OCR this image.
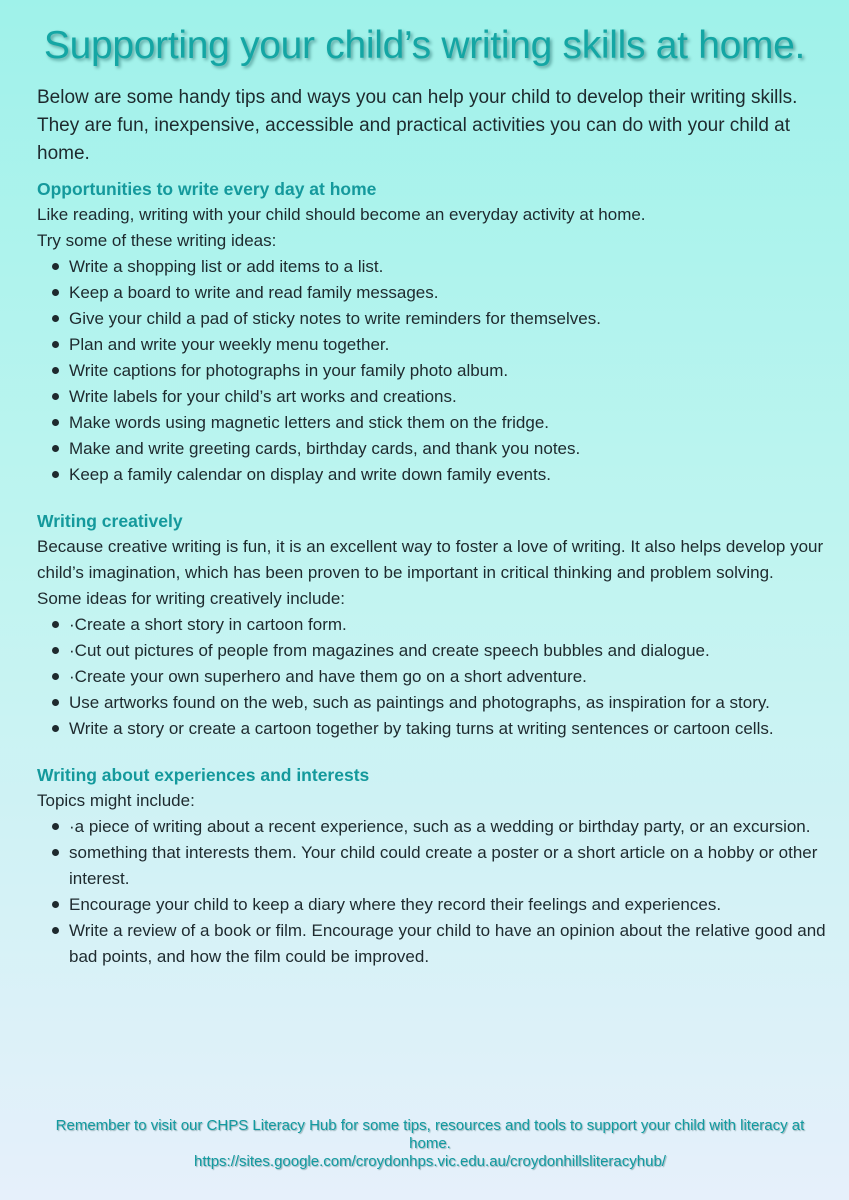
Supporting your child’s writing skills at home.

Below are some handy tips and ways you can help your child to develop their writing skills. They are fun, inexpensive, accessible and practical activities you can do with your child at home.

Opportunities to write every day at home

Like reading, writing with your child should become an everyday activity at home.

Try some of these writing ideas:

Write a shopping list or add items to a list.
Keep a board to write and read family messages.
Give your child a pad of sticky notes to write reminders for themselves.
Plan and write your weekly menu together.
Write captions for photographs in your family photo album.
Write labels for your child’s art works and creations.
Make words using magnetic letters and stick them on the fridge.
Make and write greeting cards, birthday cards, and thank you notes.
Keep a family calendar on display and write down family events.
Writing creatively

Because creative writing is fun, it is an excellent way to foster a love of writing. It also helps develop your child’s imagination, which has been proven to be important in critical thinking and problem solving.

Some ideas for writing creatively include:

·Create a short story in cartoon form.
·Cut out pictures of people from magazines and create speech bubbles and dialogue.
·Create your own superhero and have them go on a short adventure.
Use artworks found on the web, such as paintings and photographs, as inspiration for a story.
Write a story or create a cartoon together by taking turns at writing sentences or cartoon cells.
Writing about experiences and interests

Topics might include:

·a piece of writing about a recent experience, such as a wedding or birthday party, or an excursion.
something that interests them. Your child could create a poster or a short article on a hobby or other interest.
Encourage your child to keep a diary where they record their feelings and experiences.
Write a review of a book or film. Encourage your child to have an opinion about the relative good and bad points, and how the film could be improved.
Remember to visit our CHPS Literacy Hub for some tips, resources and tools to support your child with literacy at home.
https://sites.google.com/croydonhps.vic.edu.au/croydonhillsliteracyhub/
